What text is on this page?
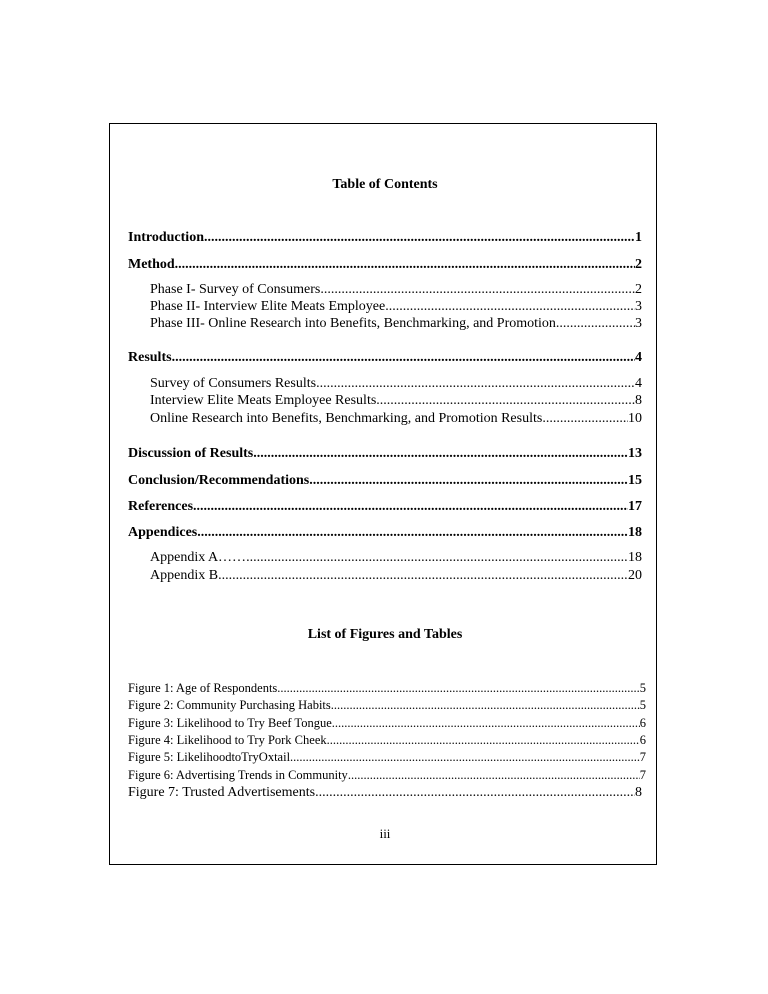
Table of Contents
Introduction .....	1
Method .....	2
Phase I- Survey of Consumers .....	2
Phase II- Interview Elite Meats Employee .....	3
Phase III- Online Research into Benefits, Benchmarking, and Promotion .....	3
Results .....	4
Survey of Consumers Results .....	4
Interview Elite Meats Employee Results .....	8
Online Research into Benefits, Benchmarking, and Promotion Results .....	10
Discussion of Results .....	13
Conclusion/Recommendations .....	15
References .....	17
Appendices .....	18
Appendix A…… .....	18
Appendix B .....	20
List of Figures and Tables
Figure 1: Age of Respondents .....	5
Figure 2: Community Purchasing Habits .....	5
Figure 3: Likelihood to Try Beef Tongue .....	6
Figure 4: Likelihood to Try Pork Cheek .....	6
Figure 5: LikelihoodtoTryOxtail .....	7
Figure 6: Advertising Trends in Community .....	7
Figure 7: Trusted Advertisements .....	8
iii
